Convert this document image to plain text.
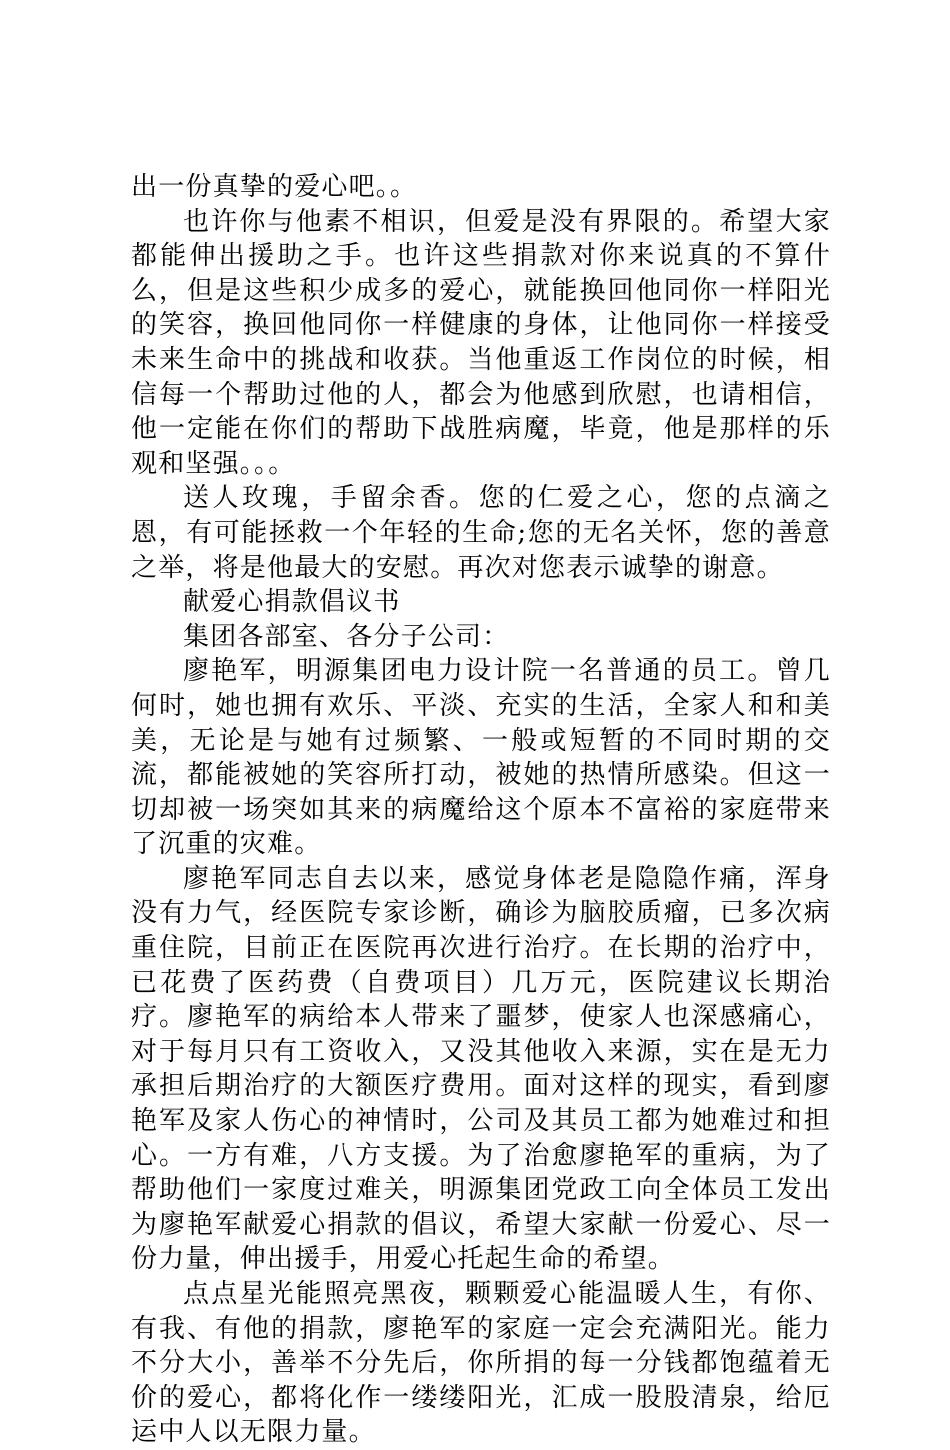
出一份真挚的爱心吧。。

也许你与他素不相识，但爱是没有界限的。希望大家都能伸出援助之手。也许这些捐款对你来说真的不算什么，但是这些积少成多的爱心，就能换回他同你一样阳光的笑容，换回他同你一样健康的身体，让他同你一样接受未来生命中的挑战和收获。当他重返工作岗位的时候，相信每一个帮助过他的人，都会为他感到欣慰，也请相信，他一定能在你们的帮助下战胜病魔，毕竟，他是那样的乐观和坚强。。。

送人玫瑰，手留余香。您的仁爱之心，您的点滴之恩，有可能拯救一个年轻的生命;您的无名关怀，您的善意之举，将是他最大的安慰。再次对您表示诚挚的谢意。

献爱心捐款倡议书

集团各部室、各分子公司：

廖艳军，明源集团电力设计院一名普通的员工。曾几何时，她也拥有欢乐、平淡、充实的生活，全家人和和美美，无论是与她有过频繁、一般或短暂的不同时期的交流，都能被她的笑容所打动，被她的热情所感染。但这一切却被一场突如其来的病魔给这个原本不富裕的家庭带来了沉重的灾难。

廖艳军同志自去以来，感觉身体老是隐隐作痛，浑身没有力气，经医院专家诊断，确诊为脑胶质瘤，已多次病重住院，目前正在医院再次进行治疗。在长期的治疗中，已花费了医药费（自费项目）几万元，医院建议长期治疗。廖艳军的病给本人带来了噩梦，使家人也深感痛心，对于每月只有工资收入，又没其他收入来源，实在是无力承担后期治疗的大额医疗费用。面对这样的现实，看到廖艳军及家人伤心的神情时，公司及其员工都为她难过和担心。一方有难，八方支援。为了治愈廖艳军的重病，为了帮助他们一家度过难关，明源集团党政工向全体员工发出为廖艳军献爱心捐款的倡议，希望大家献一份爱心、尽一份力量，伸出援手，用爱心托起生命的希望。

点点星光能照亮黑夜，颗颗爱心能温暖人生，有你、有我、有他的捐款，廖艳军的家庭一定会充满阳光。能力不分大小，善举不分先后，你所捐的每一分钱都饱蕴着无价的爱心，都将化作一缕缕阳光，汇成一股股清泉，给厄运中人以无限力量。
